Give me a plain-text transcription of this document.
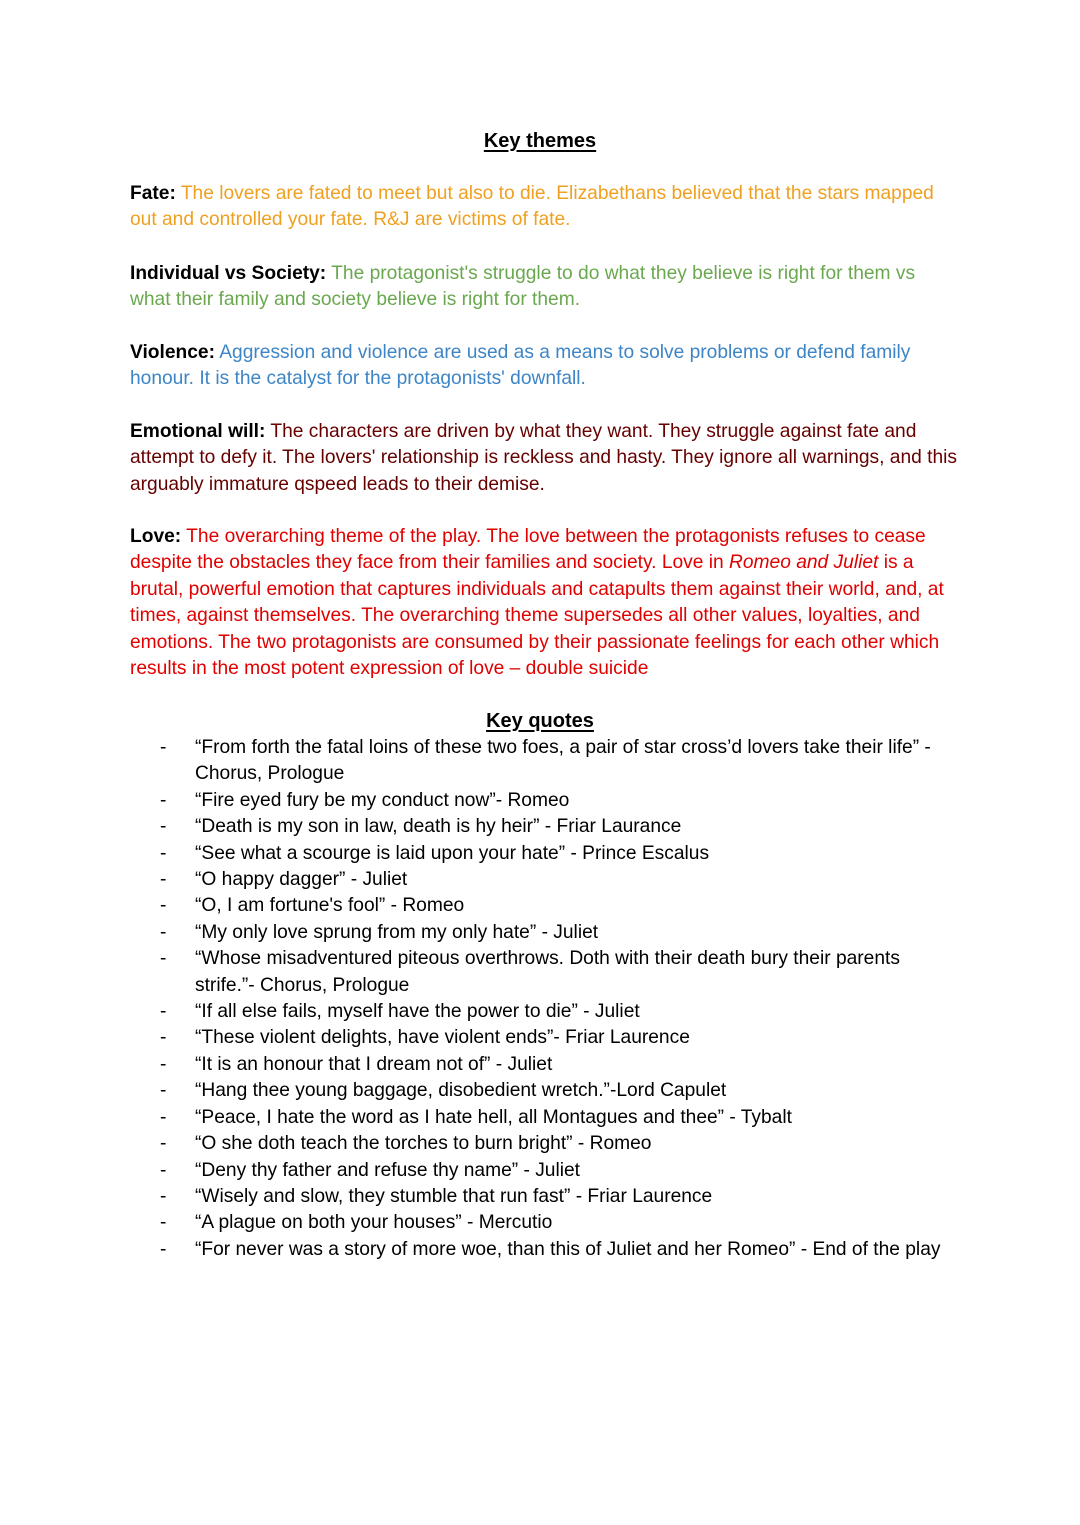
Key themes

Fate: The lovers are fated to meet but also to die. Elizabethans believed that the stars mapped out and controlled your fate. R&J are victims of fate.

Individual vs Society: The protagonist's struggle to do what they believe is right for them vs what their family and society believe is right for them.

Violence: Aggression and violence are used as a means to solve problems or defend family honour. It is the catalyst for the protagonists' downfall.

Emotional will: The characters are driven by what they want. They struggle against fate and attempt to defy it. The lovers' relationship is reckless and hasty. They ignore all warnings, and this arguably immature qspeed leads to their demise.

Love: The overarching theme of the play. The love between the protagonists refuses to cease despite the obstacles they face from their families and society. Love in Romeo and Juliet is a brutal, powerful emotion that captures individuals and catapults them against their world, and, at times, against themselves. The overarching theme supersedes all other values, loyalties, and emotions. The two protagonists are consumed by their passionate feelings for each other which results in the most potent expression of love – double suicide

Key quotes
- “From forth the fatal loins of these two foes, a pair of star cross’d lovers take their life” - Chorus, Prologue
- “Fire eyed fury be my conduct now”- Romeo
- “Death is my son in law, death is hy heir” - Friar Laurance
- “See what a scourge is laid upon your hate” - Prince Escalus
- “O happy dagger” - Juliet
- “O, I am fortune's fool” - Romeo
- “My only love sprung from my only hate” - Juliet
- “Whose misadventured piteous overthrows. Doth with their death bury their parents strife.”- Chorus, Prologue
- “If all else fails, myself have the power to die” - Juliet
- “These violent delights, have violent ends”- Friar Laurence
- “It is an honour that I dream not of” - Juliet
- “Hang thee young baggage, disobedient wretch.”-Lord Capulet
- “Peace, I hate the word as I hate hell, all Montagues and thee” - Tybalt
- “O she doth teach the torches to burn bright” - Romeo
- “Deny thy father and refuse thy name” - Juliet
- “Wisely and slow, they stumble that run fast” - Friar Laurence
- “A plague on both your houses” - Mercutio
- “For never was a story of more woe, than this of Juliet and her Romeo” - End of the play
